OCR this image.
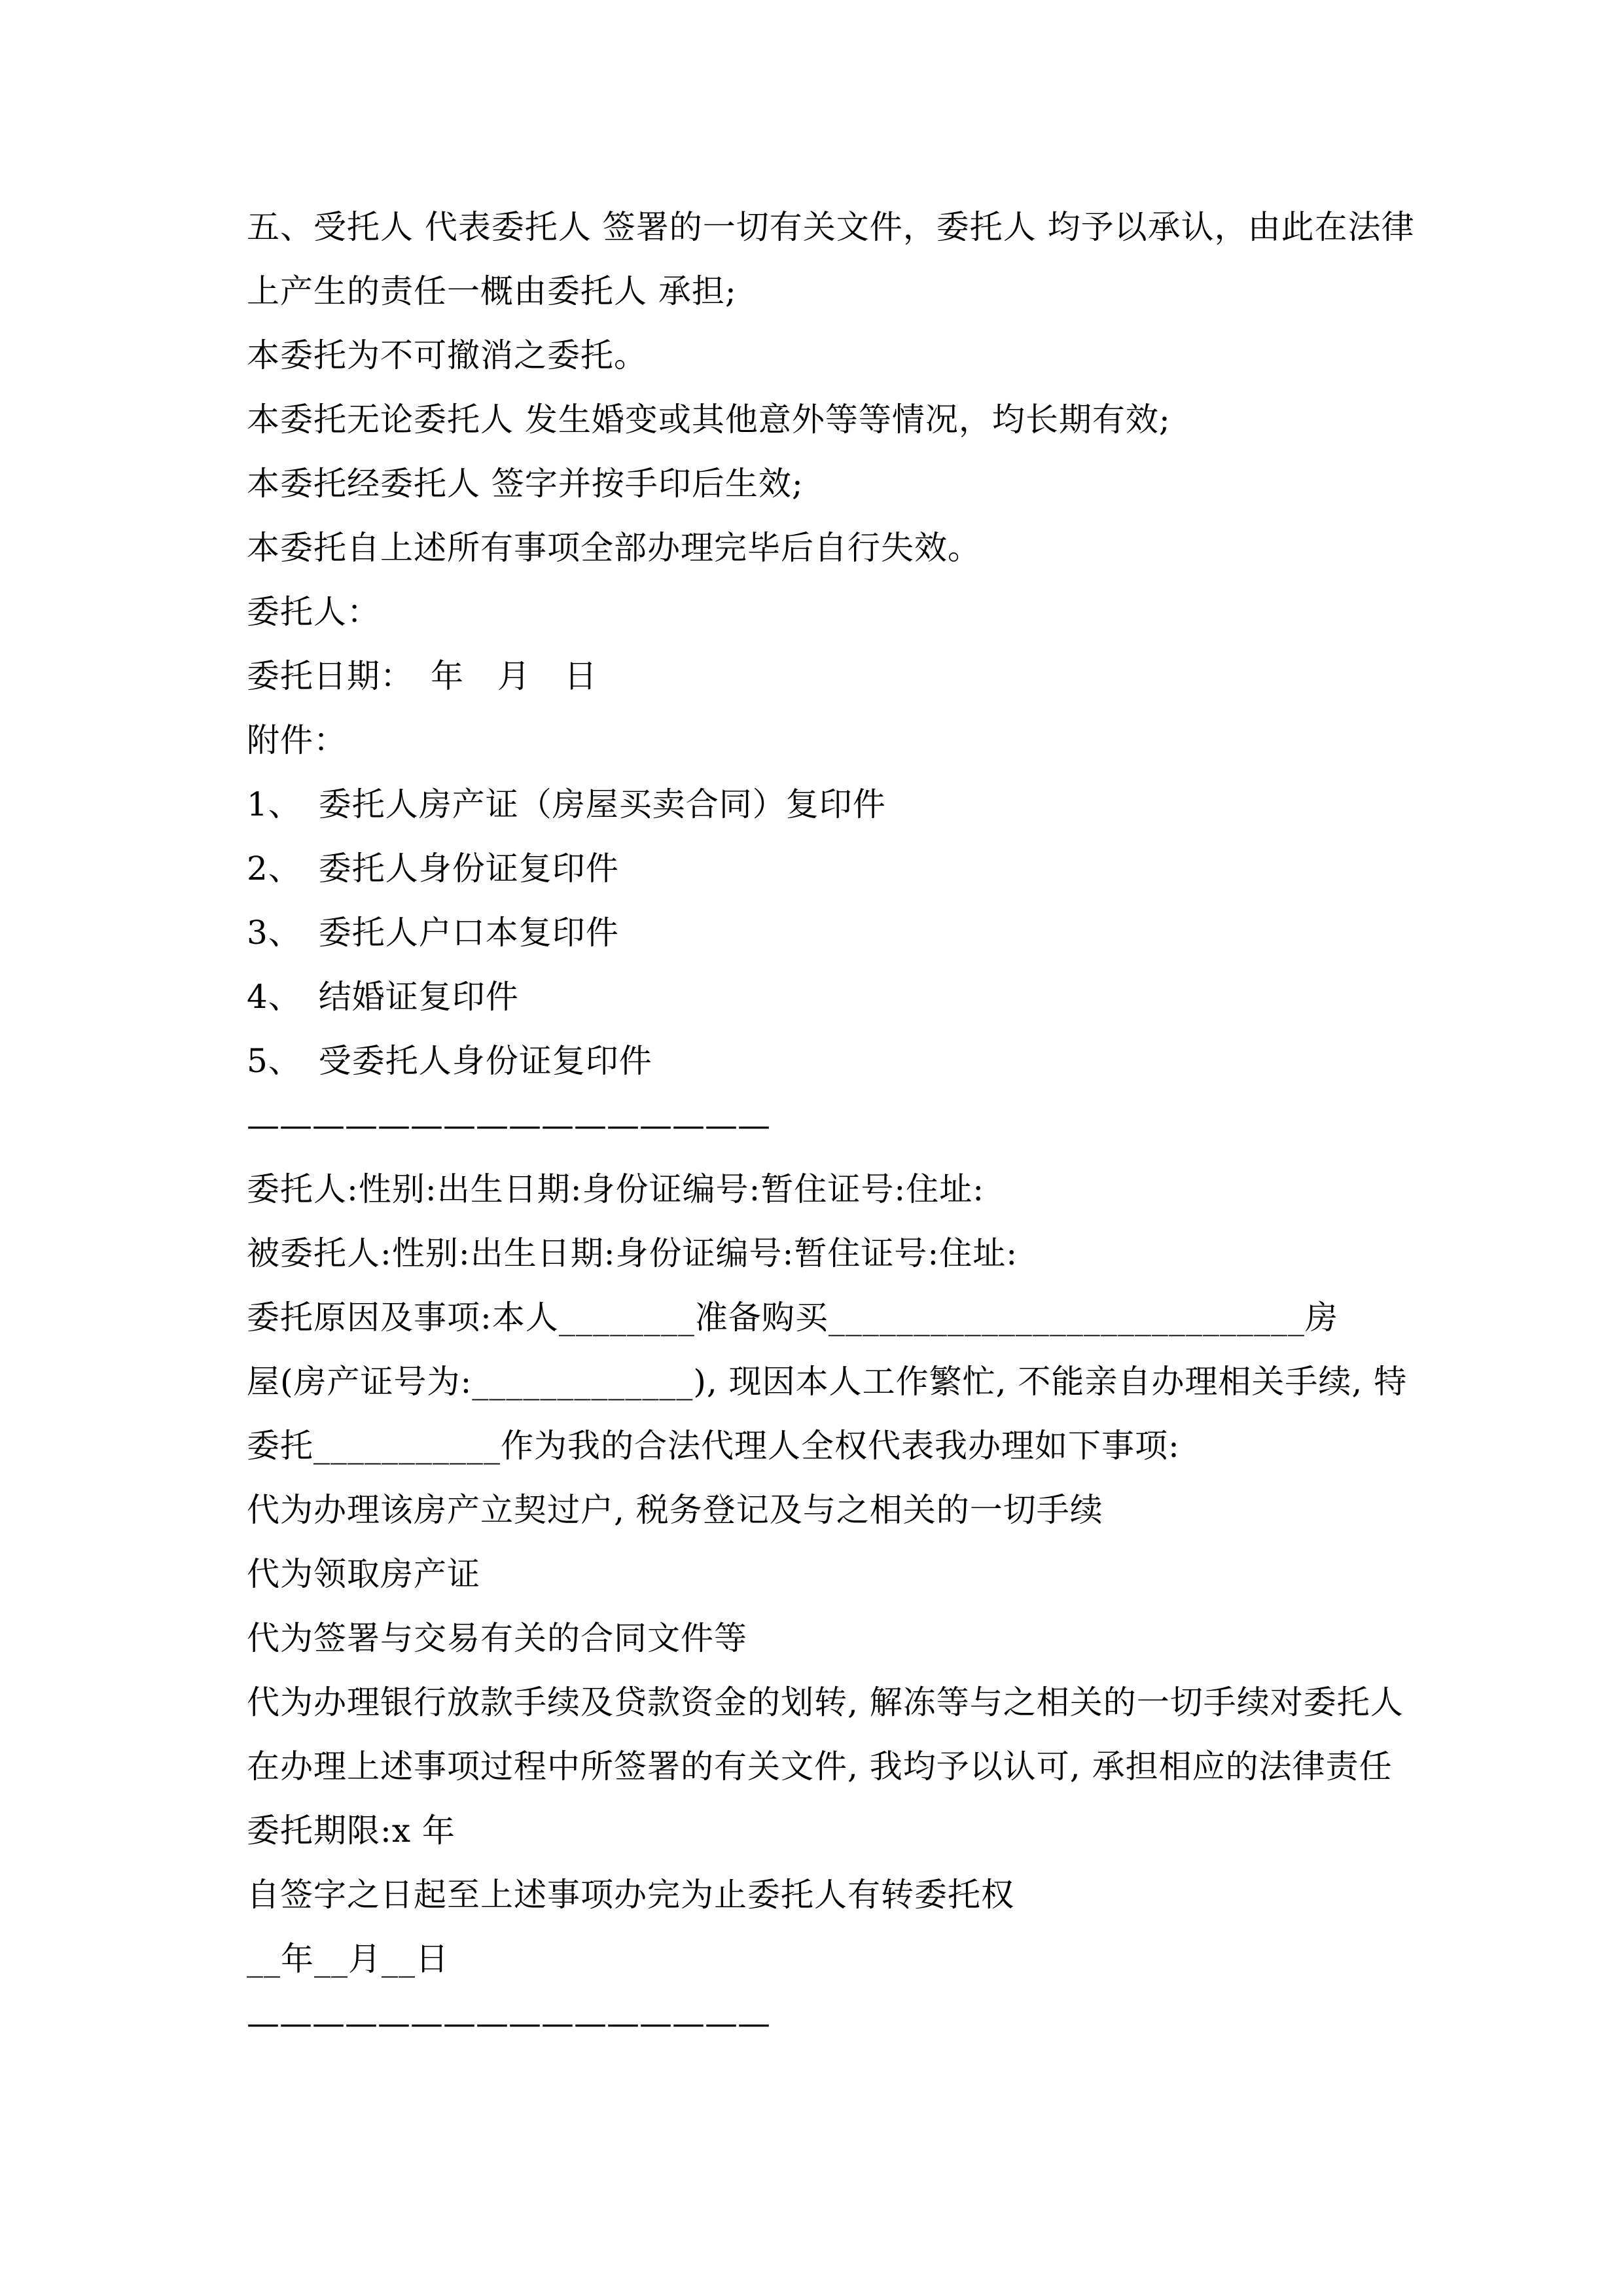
五、受托人 代表委托人 签署的一切有关文件，委托人 均予以承认，由此在法律
上产生的责任一概由委托人 承担;
本委托为不可撤消之委托。
本委托无论委托人 发生婚变或其他意外等等情况，均长期有效;
本委托经委托人 签字并按手印后生效;
本委托自上述所有事项全部办理完毕后自行失效。
委托人：
委托日期：　年　月　日
附件：
1、　委托人房产证（房屋买卖合同）复印件
2、　委托人身份证复印件
3、　委托人户口本复印件
4、　结婚证复印件
5、　受委托人身份证复印件
————————————————
委托人:性别:出生日期:身份证编号:暂住证号:住址:
被委托人:性别:出生日期:身份证编号:暂住证号:住址:
委托原因及事项:本人________准备购买____________________________房
屋(房产证号为:_____________), 现因本人工作繁忙, 不能亲自办理相关手续, 特
委托___________作为我的合法代理人全权代表我办理如下事项:
代为办理该房产立契过户, 税务登记及与之相关的一切手续
代为领取房产证
代为签署与交易有关的合同文件等
代为办理银行放款手续及贷款资金的划转, 解冻等与之相关的一切手续对委托人
在办理上述事项过程中所签署的有关文件, 我均予以认可, 承担相应的法律责任
委托期限:x 年
自签字之日起至上述事项办完为止委托人有转委托权
__年__月__日
————————————————
